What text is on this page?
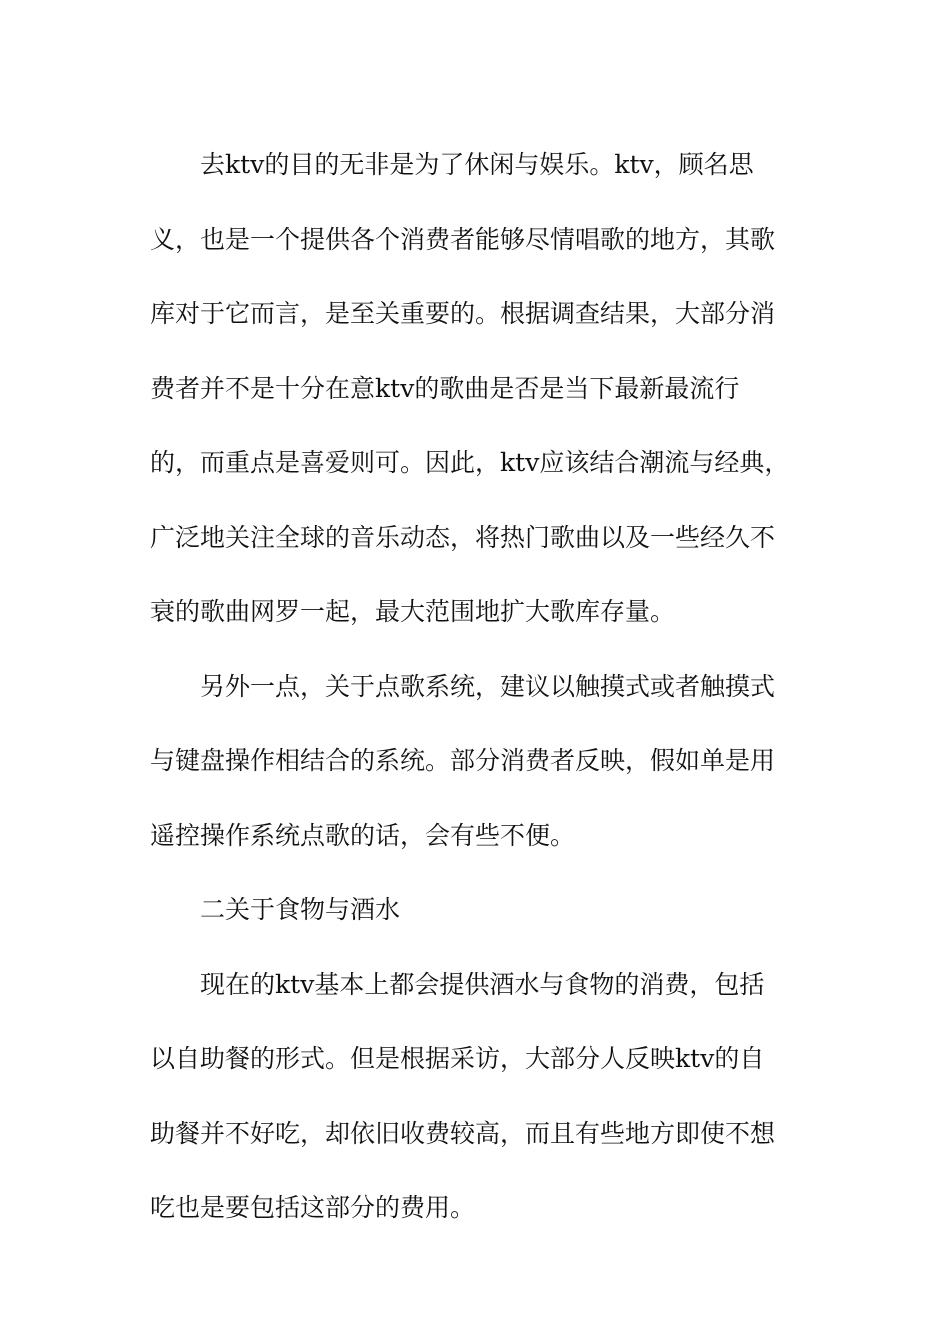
去ktv的目的无非是为了休闲与娱乐。ktv，顾名思
义，也是一个提供各个消费者能够尽情唱歌的地方，其歌
库对于它而言，是至关重要的。根据调查结果，大部分消
费者并不是十分在意ktv的歌曲是否是当下最新最流行
的，而重点是喜爱则可。因此，ktv应该结合潮流与经典，
广泛地关注全球的音乐动态，将热门歌曲以及一些经久不
衰的歌曲网罗一起，最大范围地扩大歌库存量。
另外一点，关于点歌系统，建议以触摸式或者触摸式
与键盘操作相结合的系统。部分消费者反映，假如单是用
遥控操作系统点歌的话，会有些不便。
二关于食物与酒水
现在的ktv基本上都会提供酒水与食物的消费，包括
以自助餐的形式。但是根据采访，大部分人反映ktv的自
助餐并不好吃，却依旧收费较高，而且有些地方即使不想
吃也是要包括这部分的费用。
